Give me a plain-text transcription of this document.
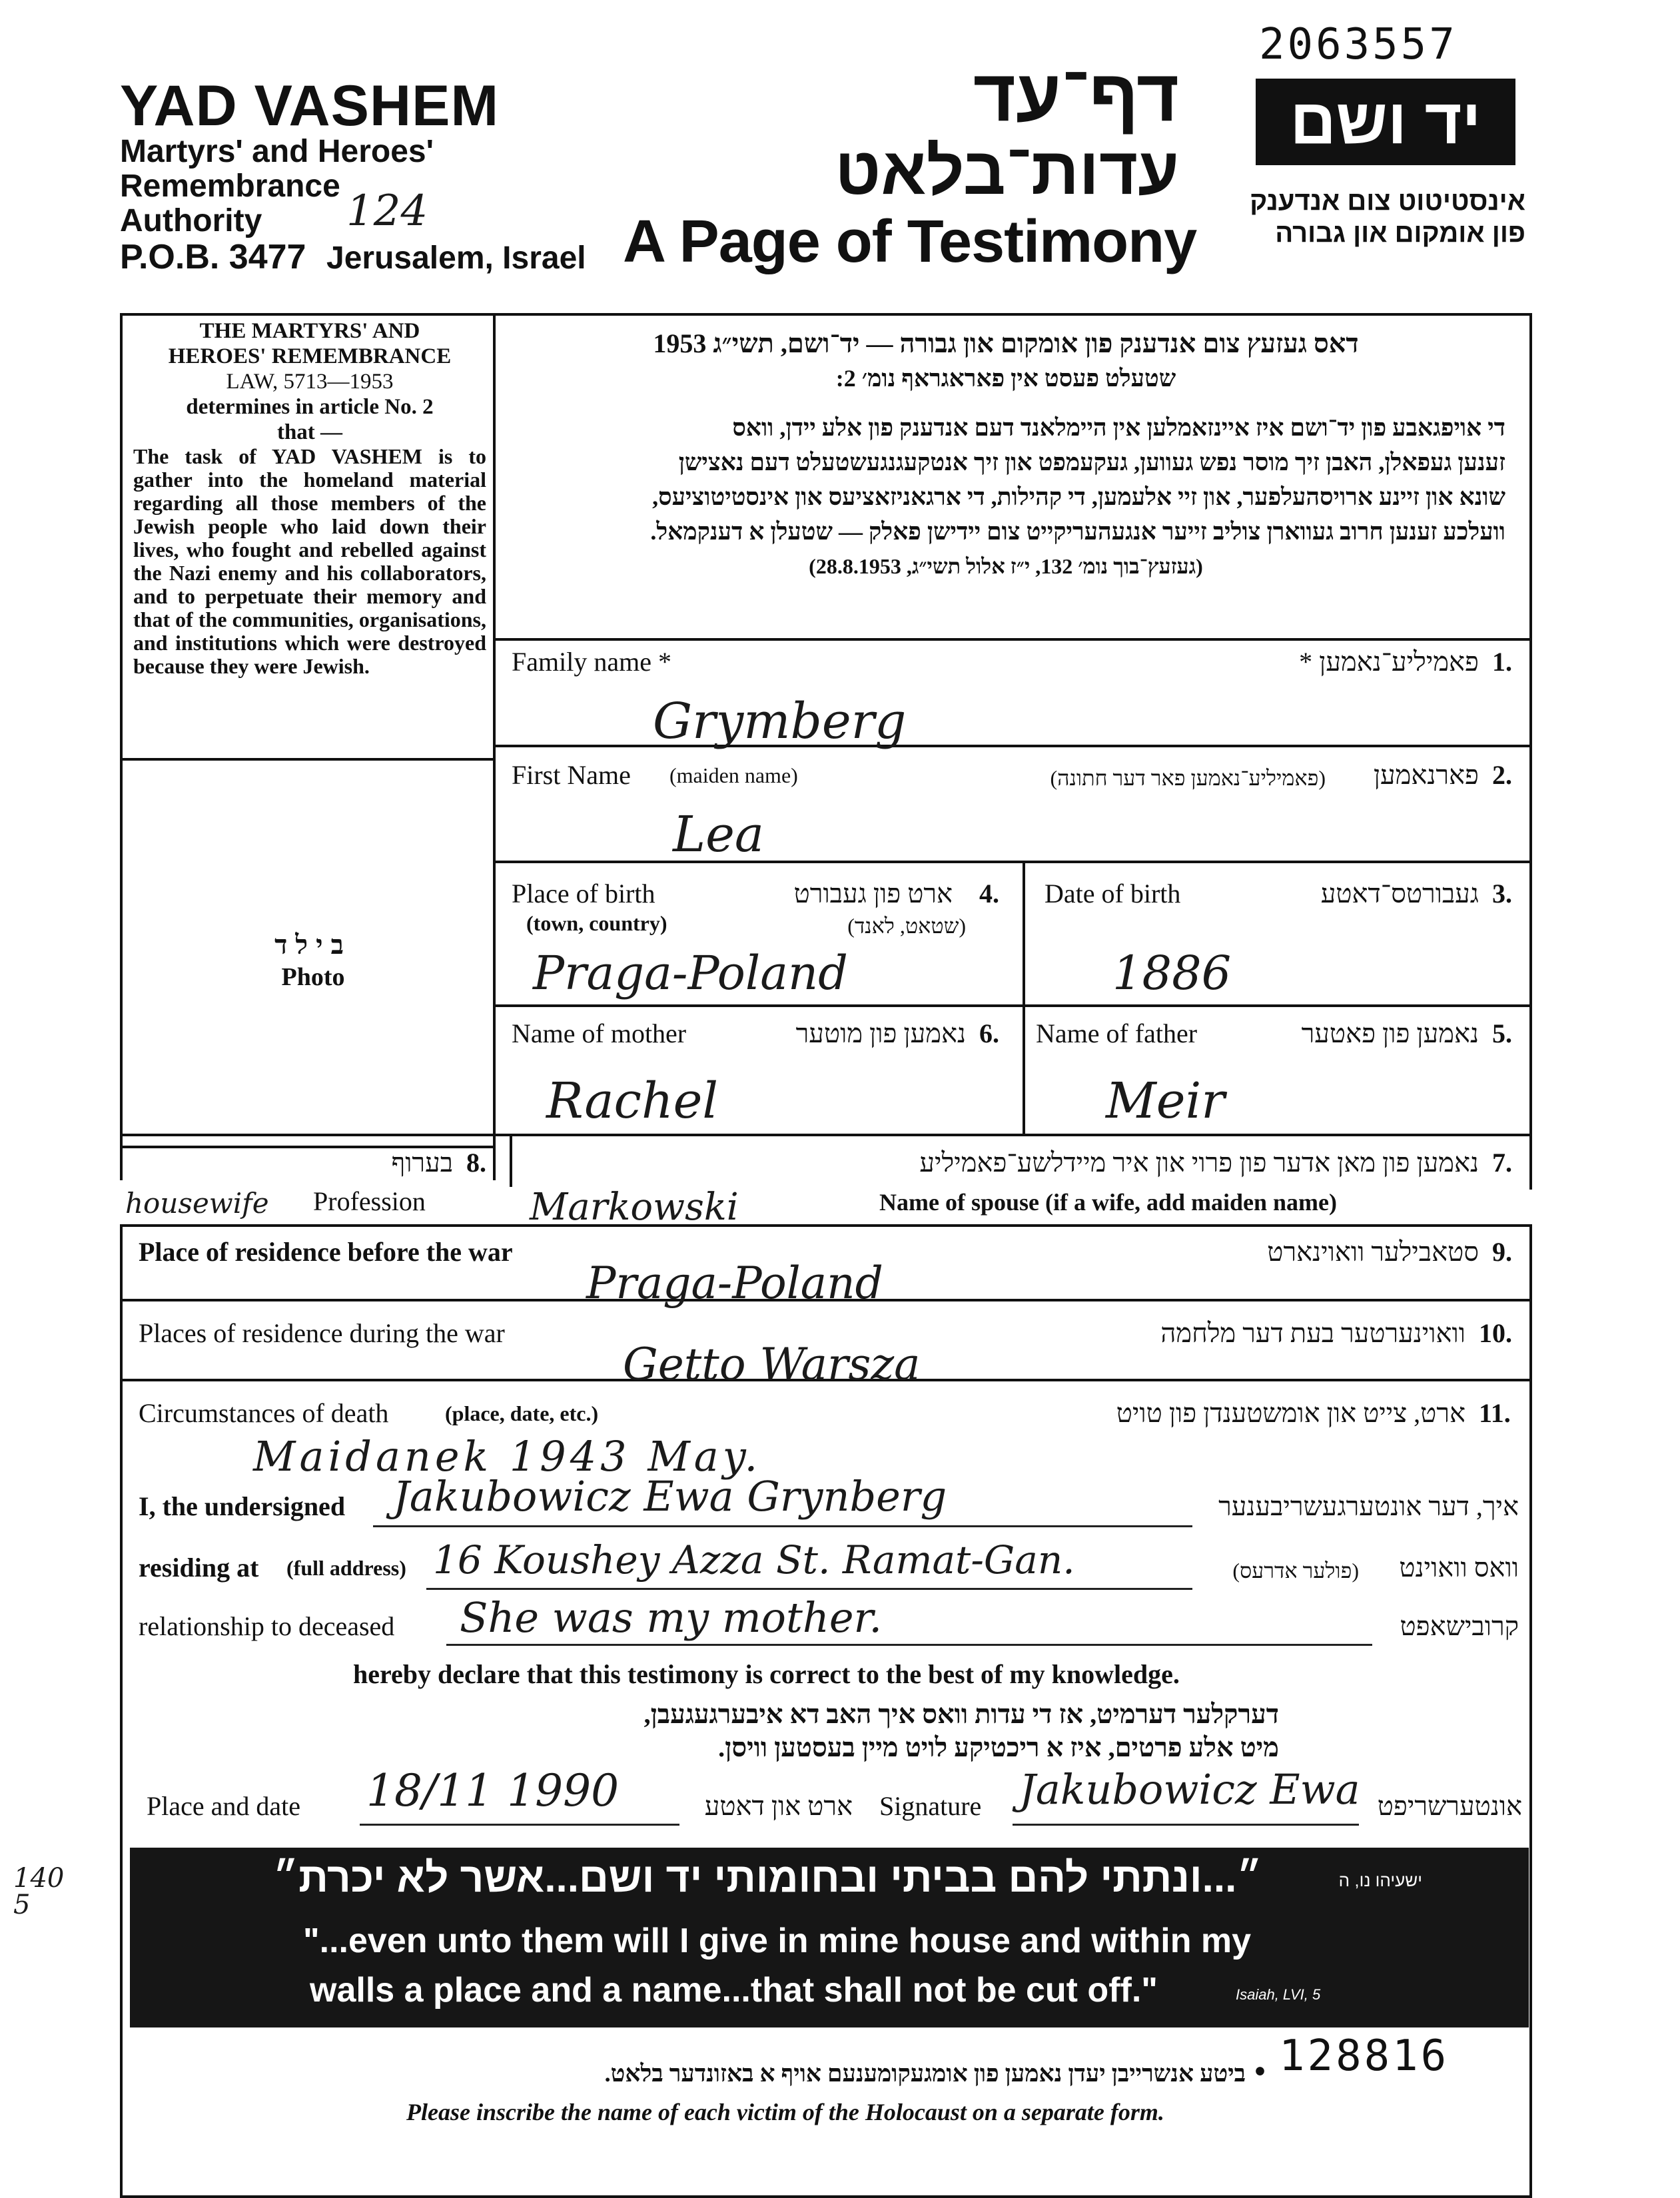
2063557
YAD VASHEM
Martyrs' and Heroes'
Remembrance
Authority 124
P.O.B. 3477 Jerusalem, Israel
דף־עד
עדות־בלאט
A Page of Testimony
יד ושם
אינסטיטוט צום אנדענק
פון אומקום און גבורה
THE MARTYRS' AND
HEROES' REMEMBRANCE
LAW, 5713—1953
determines in article No. 2
that —
The task of YAD VASHEM is to gather into the homeland material regarding all those members of the Jewish people who laid down their lives, who fought and rebelled against the Nazi enemy and his collaborators, and to perpetuate their memory and that of the communities, organisations, and institutions which were destroyed because they were Jewish.
בילד
Photo
דאס געזעץ צום אנדענק פון אומקום און גבורה — יד־ושם, תשי״ג 1953
שטעלט פעסט אין פאראגראף נומ׳ 2:
די אויפגאבע פון יד־ושם איז איינזאמלען אין היימלאנד דעם אנדענק פון אלע יידן, וואס
זענען געפאלן, האבן זיך מוסר נפש געווען, געקעמפט און זיך אנטקעגנגעשטעלט דעם נאצישן
שונא און זיינע ארויסהעלפער, און זיי אלעמען, די קהילות, די ארגאניזאציעס און אינסטיטוציעס,
וועלכע זענען חרוב געווארן צוליב זייער אנגעהעריקייט צום יידישן פאלק — שטעלן א דענקמאל.
(געזעץ־בוך נומ׳ 132, י״ז אלול תשי״ג, 28.8.1953)
Family name *	פאמיליע־נאמען * 1.
Grymberg
First Name (maiden name)	(פאמיליע־נאמען פאר דער חתונה)	פארנאמען 2.
Lea
Place of birth
(town, country)
ארט פון געבורט
(שטאט, לאנד)
4.
Praga-Poland
Date of birth	געבורטס־דאטע 3.
1886
Name of mother	נאמען פון מוטער 6.
Rachel
Name of father	נאמען פון פאטער 5.
Meir
בערוף 8.
Profession
housewife
נאמען פון מאן אדער פון פרוי און איר מיידלשע־פאמיליע 7.
Name of spouse (if a wife, add maiden name)
Markowski
Place of residence before the war	סטאבילער וואוינארט 9.
Praga-Poland
Places of residence during the war	וואוינערטער בעת דער מלחמה 10.
Getto Warsza
Circumstances of death	(place, date, etc.)	ארט, צייט און אומשטענדן פון טויט 11.
Maidanek 1943 May.
I, the undersigned Jakubowicz Ewa Grynberg	איך, דער אונטערגעשריבענער
residing at (full address) 16 Koushey Azza St. Ramat-Gan.	(פולער אדרעס)	וואס וואוינט
relationship to deceased She was my mother.	קרובישאפט
hereby declare that this testimony is correct to the best of my knowledge.
דערקלער דערמיט, אז די עדות וואס איך האב דא איבערגעגעבן,
מיט אלע פרטים, איז א ריכטיקע לויט מיין בעסטען וויסן.
Place and date 18/11 1990	ארט און דאטע Signature Jakubowicz Ewa אונטערשריפט
״...ונתתי להם בביתי ובחומותי יד ושם...אשר לא יכרת״	ישעיהו נו, ה
"...even unto them will I give in mine house and within my
walls a place and a name...that shall not be cut off."	Isaiah, LVI, 5
1405
128816
ביטע אנשרייבן יעדן נאמען פון אומגעקומענעם אויף א באזונדער בלאט. •
Please inscribe the name of each victim of the Holocaust on a separate form.
